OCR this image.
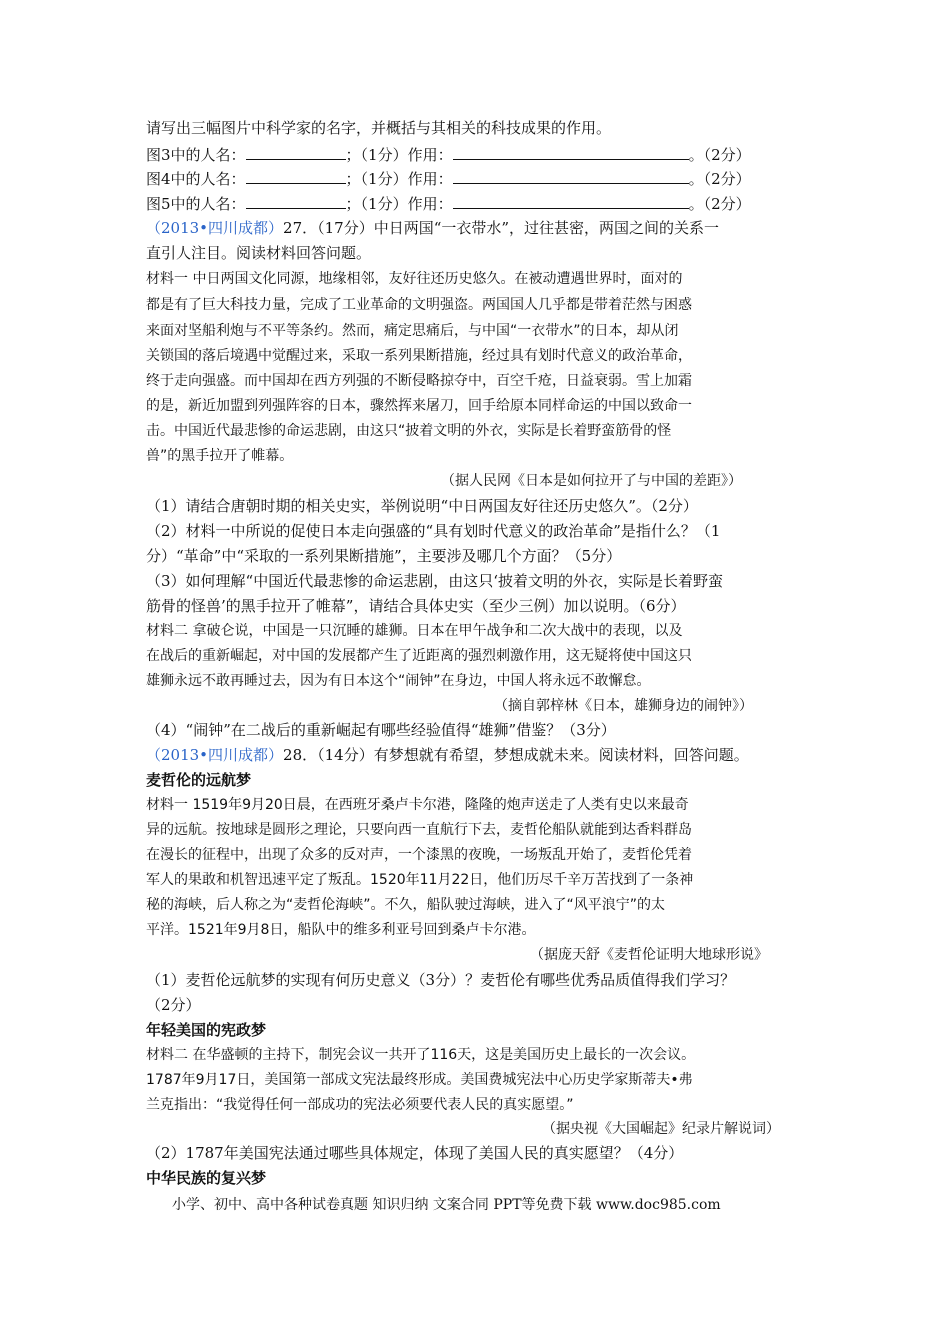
请写出三幅图片中科学家的名字，并概括与其相关的科技成果的作用。
图3中的人名：	；（1分）作用：	。（2分）
图4中的人名：	；（1分）作用：	。（2分）
图5中的人名：	；（1分）作用：	。（2分）
（2013•四川成都）27．（17分）中日两国“一衣带水”，过往甚密，两国之间的关系一
直引人注目。阅读材料回答问题。
材料一 中日两国文化同源，地缘相邻，友好往还历史悠久。在被动遭遇世界时，面对的
都是有了巨大科技力量，完成了工业革命的文明强盗。两国国人几乎都是带着茫然与困惑
来面对坚船利炮与不平等条约。然而，痛定思痛后，与中国“一衣带水”的日本，却从闭
关锁国的落后境遇中觉醒过来，采取一系列果断措施，经过具有划时代意义的政治革命，
终于走向强盛。而中国却在西方列强的不断侵略掠夺中，百空千疮，日益衰弱。雪上加霜
的是，新近加盟到列强阵容的日本，骤然挥来屠刀，回手给原本同样命运的中国以致命一
击。中国近代最悲惨的命运悲剧，由这只“披着文明的外衣，实际是长着野蛮筋骨的怪
兽”的黑手拉开了帷幕。
（据人民网《日本是如何拉开了与中国的差距》）
（1）请结合唐朝时期的相关史实，举例说明“中日两国友好往还历史悠久”。（2分）
（2）材料一中所说的促使日本走向强盛的“具有划时代意义的政治革命”是指什么？（1
分）“革命”中“采取的一系列果断措施”，主要涉及哪几个方面？（5分）
（3）如何理解“中国近代最悲惨的命运悲剧，由这只‘披着文明的外衣，实际是长着野蛮
筋骨的怪兽’的黑手拉开了帷幕”，请结合具体史实（至少三例）加以说明。（6分）
材料二 拿破仑说，中国是一只沉睡的雄狮。日本在甲午战争和二次大战中的表现，以及
在战后的重新崛起，对中国的发展都产生了近距离的强烈刺激作用，这无疑将使中国这只
雄狮永远不敢再睡过去，因为有日本这个“闹钟”在身边，中国人将永远不敢懈怠。
（摘自郭梓林《日本，雄狮身边的闹钟》）
（4）“闹钟”在二战后的重新崛起有哪些经验值得“雄狮”借鉴？（3分）
（2013•四川成都）28．（14分）有梦想就有希望，梦想成就未来。阅读材料，回答问题。
麦哲伦的远航梦
材料一 1519年9月20日晨，在西班牙桑卢卡尔港，隆隆的炮声送走了人类有史以来最奇
异的远航。按地球是圆形之理论，只要向西一直航行下去，麦哲伦船队就能到达香料群岛
在漫长的征程中，出现了众多的反对声，一个漆黑的夜晚，一场叛乱开始了，麦哲伦凭着
军人的果敢和机智迅速平定了叛乱。1520年11月22日，他们历尽千辛万苦找到了一条神
秘的海峡，后人称之为“麦哲伦海峡”。不久，船队驶过海峡，进入了“风平浪宁”的太
平洋。1521年9月8日，船队中的维多利亚号回到桑卢卡尔港。
（据庞天舒《麦哲伦证明大地球形说》
（1）麦哲伦远航梦的实现有何历史意义（3分）？麦哲伦有哪些优秀品质值得我们学习？
（2分）
年轻美国的宪政梦
材料二 在华盛顿的主持下，制宪会议一共开了116天，这是美国历史上最长的一次会议。
1787年9月17日，美国第一部成文宪法最终形成。美国费城宪法中心历史学家斯蒂夫•弗
兰克指出：“我觉得任何一部成功的宪法必须要代表人民的真实愿望。”
（据央视《大国崛起》纪录片解说词）
（2）1787年美国宪法通过哪些具体规定，体现了美国人民的真实愿望？（4分）
中华民族的复兴梦
小学、初中、高中各种试卷真题 知识归纳 文案合同 PPT等免费下载 www.doc985.com
